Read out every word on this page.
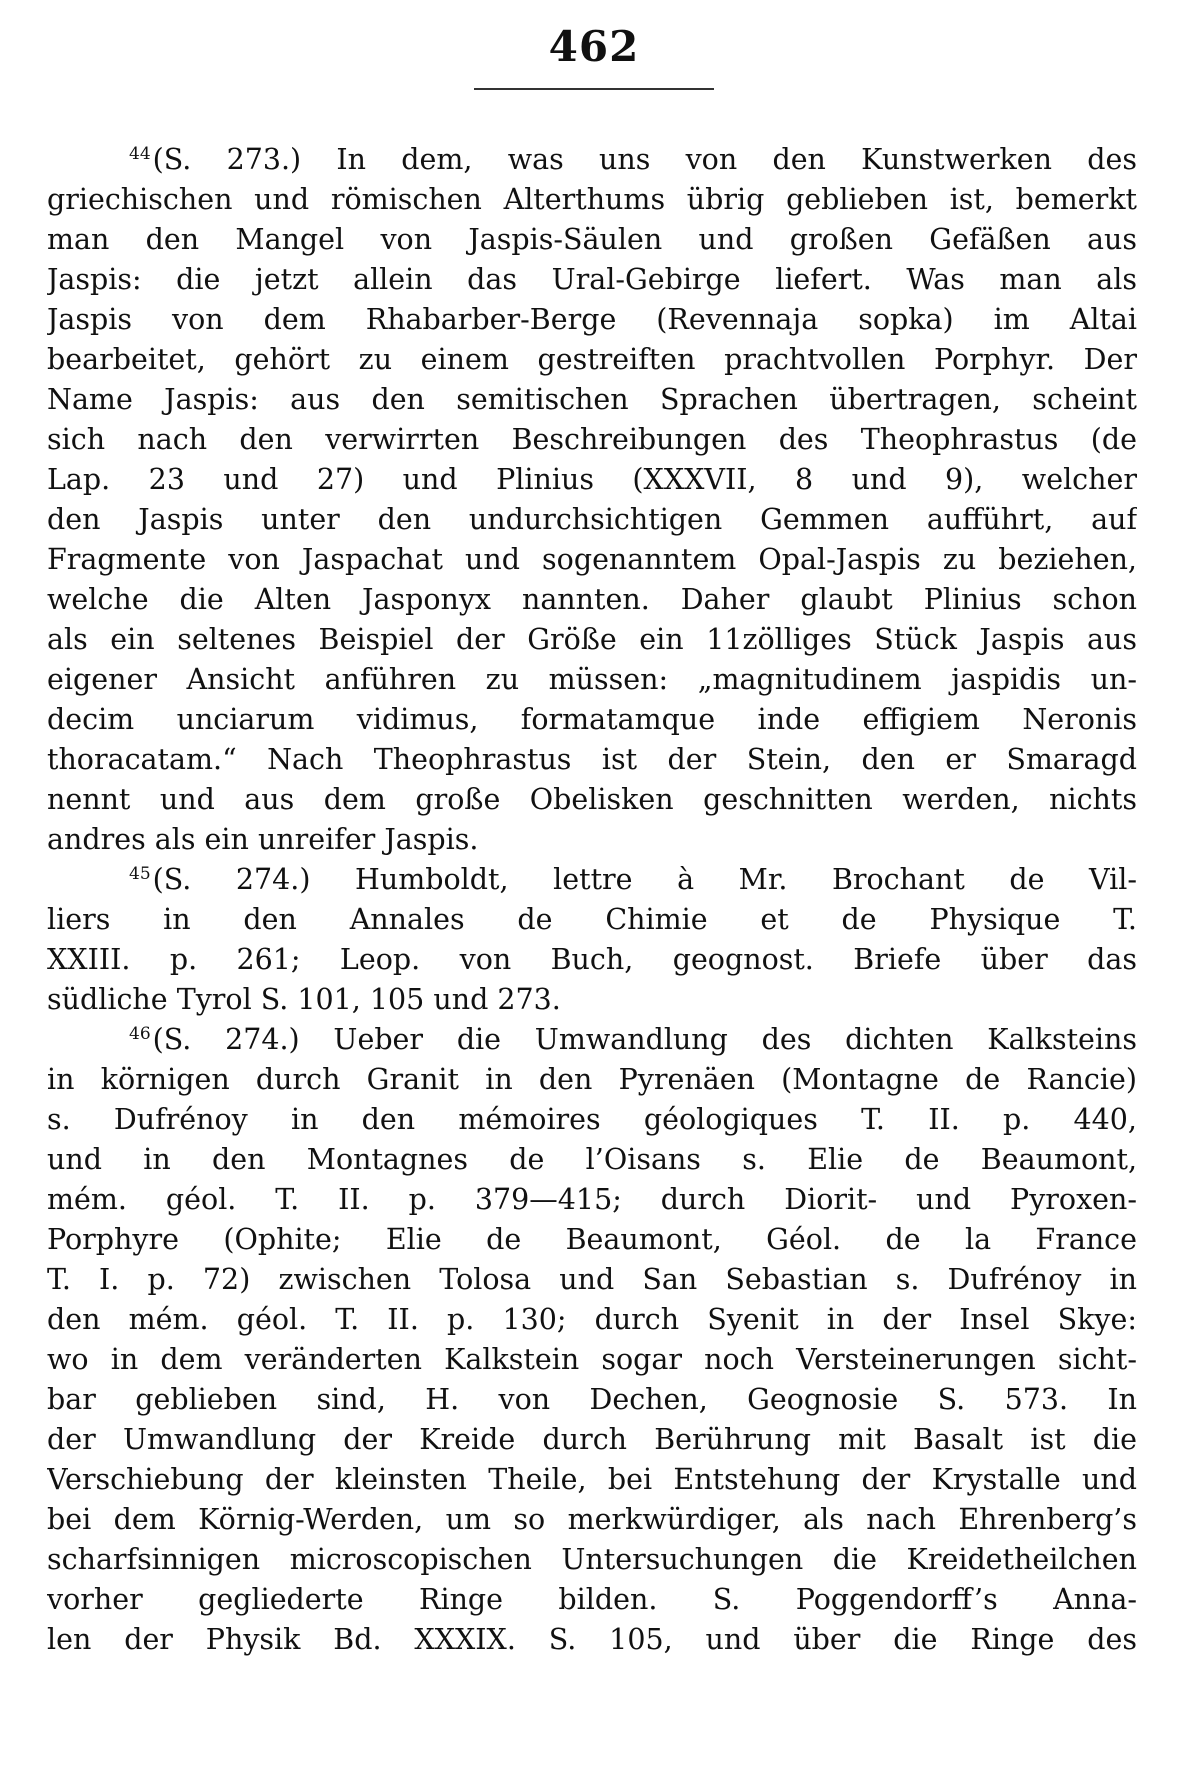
462
$^{44}$(S. 273.) In dem, was uns von den Kunstwerken des
griechischen und römischen Alterthums übrig geblieben ist, bemerkt
man den Mangel von Jaspis-Säulen und großen Gefäßen aus
Jaspis: die jetzt allein das Ural-Gebirge liefert. Was man als
Jaspis von dem Rhabarber-Berge (Revennaja sopka) im Altai
bearbeitet, gehört zu einem gestreiften prachtvollen Porphyr. Der
Name Jaspis: aus den semitischen Sprachen übertragen, scheint
sich nach den verwirrten Beschreibungen des Theophrastus (de
Lap. 23 und 27) und Plinius (XXXVII, 8 und 9), welcher
den Jaspis unter den undurchsichtigen Gemmen aufführt, auf
Fragmente von Jaspachat und sogenanntem Opal-Jaspis zu beziehen,
welche die Alten Jasponyx nannten. Daher glaubt Plinius schon
als ein seltenes Beispiel der Größe ein 11zölliges Stück Jaspis aus
eigener Ansicht anführen zu müssen: „magnitudinem jaspidis un-
decim unciarum vidimus, formatamque inde effigiem Neronis
thoracatam.“ Nach Theophrastus ist der Stein, den er Smaragd
nennt und aus dem große Obelisken geschnitten werden, nichts
andres als ein unreifer Jaspis.
$^{45}$(S. 274.) Humboldt, lettre à Mr. Brochant de Vil-
liers in den Annales de Chimie et de Physique T.
XXIII. p. 261; Leop. von Buch, geognost. Briefe über das
südliche Tyrol S. 101, 105 und 273.
$^{46}$(S. 274.) Ueber die Umwandlung des dichten Kalksteins
in körnigen durch Granit in den Pyrenäen (Montagne de Rancie)
s. Dufrénoy in den mémoires géologiques T. II. p. 440,
und in den Montagnes de l’Oisans s. Elie de Beaumont,
mém. géol. T. II. p. 379—415; durch Diorit- und Pyroxen-
Porphyre (Ophite; Elie de Beaumont, Géol. de la France
T. I. p. 72) zwischen Tolosa und San Sebastian s. Dufrénoy in
den mém. géol. T. II. p. 130; durch Syenit in der Insel Skye:
wo in dem veränderten Kalkstein sogar noch Versteinerungen sicht-
bar geblieben sind, H. von Dechen, Geognosie S. 573. In
der Umwandlung der Kreide durch Berührung mit Basalt ist die
Verschiebung der kleinsten Theile, bei Entstehung der Krystalle und
bei dem Körnig-Werden, um so merkwürdiger, als nach Ehrenberg’s
scharfsinnigen microscopischen Untersuchungen die Kreidetheilchen
vorher gegliederte Ringe bilden. S. Poggendorff’s Anna-
len der Physik Bd. XXXIX. S. 105, und über die Ringe des
